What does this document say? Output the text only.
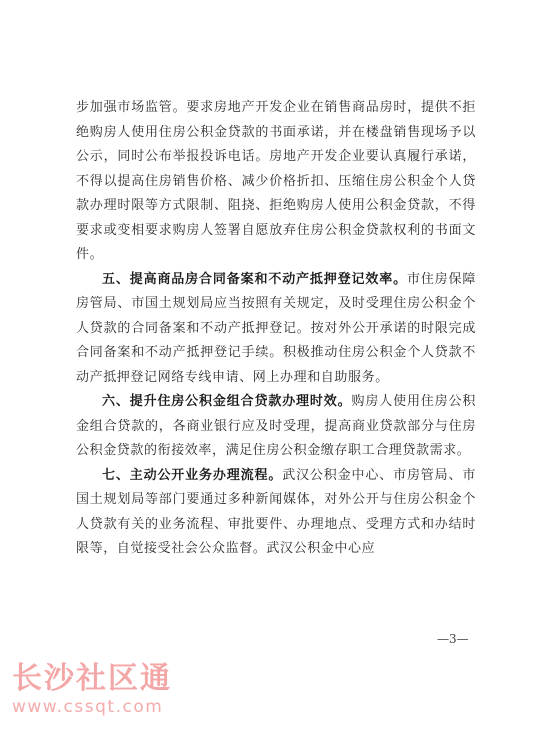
步加强市场监管。要求房地产开发企业在销售商品房时，提供不拒绝购房人使用住房公积金贷款的书面承诺，并在楼盘销售现场予以公示，同时公布举报投诉电话。房地产开发企业要认真履行承诺，不得以提高住房销售价格、减少价格折扣、压缩住房公积金个人贷款办理时限等方式限制、阻挠、拒绝购房人使用公积金贷款，不得要求或变相要求购房人签署自愿放弃住房公积金贷款权利的书面文件。

五、提高商品房合同备案和不动产抵押登记效率。市住房保障房管局、市国土规划局应当按照有关规定，及时受理住房公积金个人贷款的合同备案和不动产抵押登记。按对外公开承诺的时限完成合同备案和不动产抵押登记手续。积极推动住房公积金个人贷款不动产抵押登记网络专线申请、网上办理和自助服务。

六、提升住房公积金组合贷款办理时效。购房人使用住房公积金组合贷款的，各商业银行应及时受理，提高商业贷款部分与住房公积金贷款的衔接效率，满足住房公积金缴存职工合理贷款需求。

七、主动公开业务办理流程。武汉公积金中心、市房管局、市国土规划局等部门要通过多种新闻媒体，对外公开与住房公积金个人贷款有关的业务流程、审批要件、办理地点、受理方式和办结时限等，自觉接受社会公众监督。武汉公积金中心应

—3—
长沙社区通
www.cssqt.com
